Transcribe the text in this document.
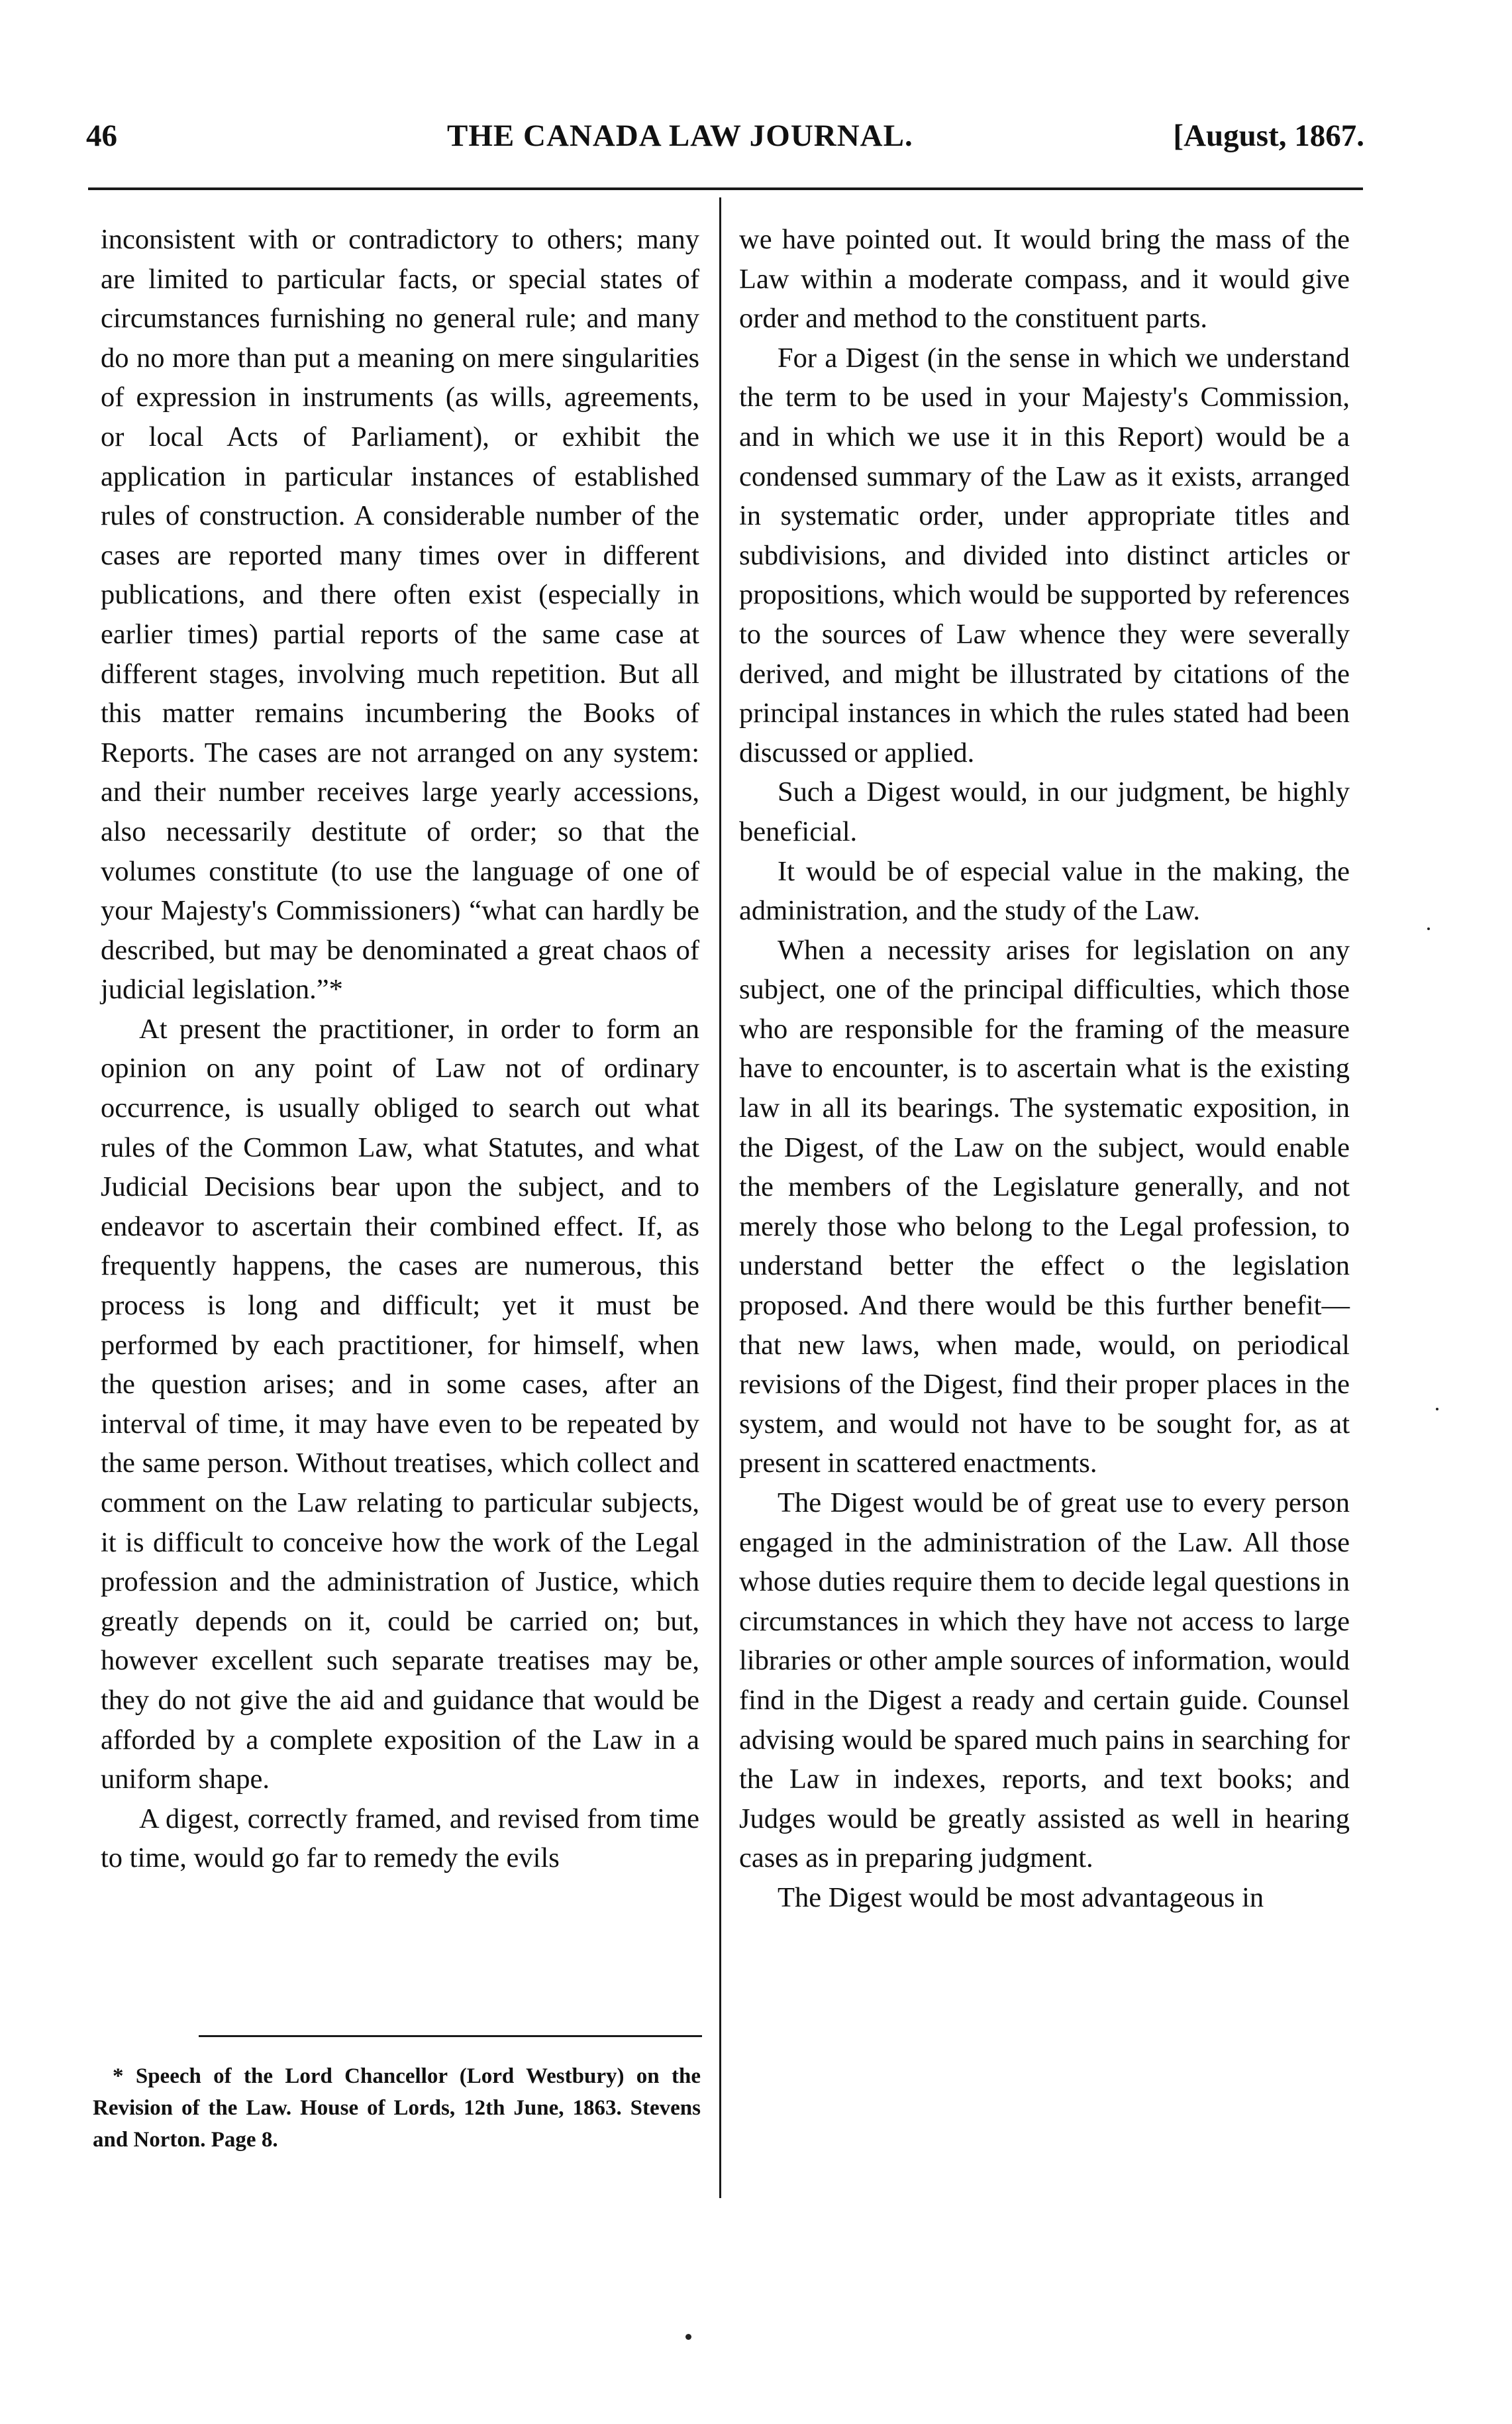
46	THE CANADA LAW JOURNAL.	[August, 1867.

inconsistent with or contradictory to others; many are limited to particular facts, or special states of circumstances furnishing no general rule; and many do no more than put a meaning on mere singularities of expression in instruments (as wills, agreements, or local Acts of Parliament), or exhibit the application in particular instances of established rules of construction. A considerable number of the cases are reported many times over in different publications, and there often exist (especially in earlier times) partial reports of the same case at different stages, involving much repetition. But all this matter remains incumbering the Books of Reports. The cases are not arranged on any system: and their number receives large yearly accessions, also necessarily destitute of order; so that the volumes constitute (to use the language of one of your Majesty's Commissioners) “what can hardly be described, but may be denominated a great chaos of judicial legislation.”*

At present the practitioner, in order to form an opinion on any point of Law not of ordinary occurrence, is usually obliged to search out what rules of the Common Law, what Statutes, and what Judicial Decisions bear upon the subject, and to endeavor to ascertain their combined effect. If, as frequently happens, the cases are numerous, this process is long and difficult; yet it must be performed by each practitioner, for himself, when the question arises; and in some cases, after an interval of time, it may have even to be repeated by the same person. Without treatises, which collect and comment on the Law relating to particular subjects, it is difficult to conceive how the work of the Legal profession and the administration of Justice, which greatly depends on it, could be carried on; but, however excellent such separate treatises may be, they do not give the aid and guidance that would be afforded by a complete exposition of the Law in a uniform shape.

A digest, correctly framed, and revised from time to time, would go far to remedy the evils

we have pointed out. It would bring the mass of the Law within a moderate compass, and it would give order and method to the constituent parts.

For a Digest (in the sense in which we understand the term to be used in your Majesty's Commission, and in which we use it in this Report) would be a condensed summary of the Law as it exists, arranged in systematic order, under appropriate titles and subdivisions, and divided into distinct articles or propositions, which would be supported by references to the sources of Law whence they were severally derived, and might be illustrated by citations of the principal instances in which the rules stated had been discussed or applied.

Such a Digest would, in our judgment, be highly beneficial.

It would be of especial value in the making, the administration, and the study of the Law.

When a necessity arises for legislation on any subject, one of the principal difficulties, which those who are responsible for the framing of the measure have to encounter, is to ascertain what is the existing law in all its bearings. The systematic exposition, in the Digest, of the Law on the subject, would enable the members of the Legislature generally, and not merely those who belong to the Legal profession, to understand better the effect o the legislation proposed. And there would be this further benefit—that new laws, when made, would, on periodical revisions of the Digest, find their proper places in the system, and would not have to be sought for, as at present in scattered enactments.

The Digest would be of great use to every person engaged in the administration of the Law. All those whose duties require them to decide legal questions in circumstances in which they have not access to large libraries or other ample sources of information, would find in the Digest a ready and certain guide. Counsel advising would be spared much pains in searching for the Law in indexes, reports, and text books; and Judges would be greatly assisted as well in hearing cases as in preparing judgment.

The Digest would be most advantageous in

* Speech of the Lord Chancellor (Lord Westbury) on the Revision of the Law. House of Lords, 12th June, 1863. Stevens and Norton. Page 8.
